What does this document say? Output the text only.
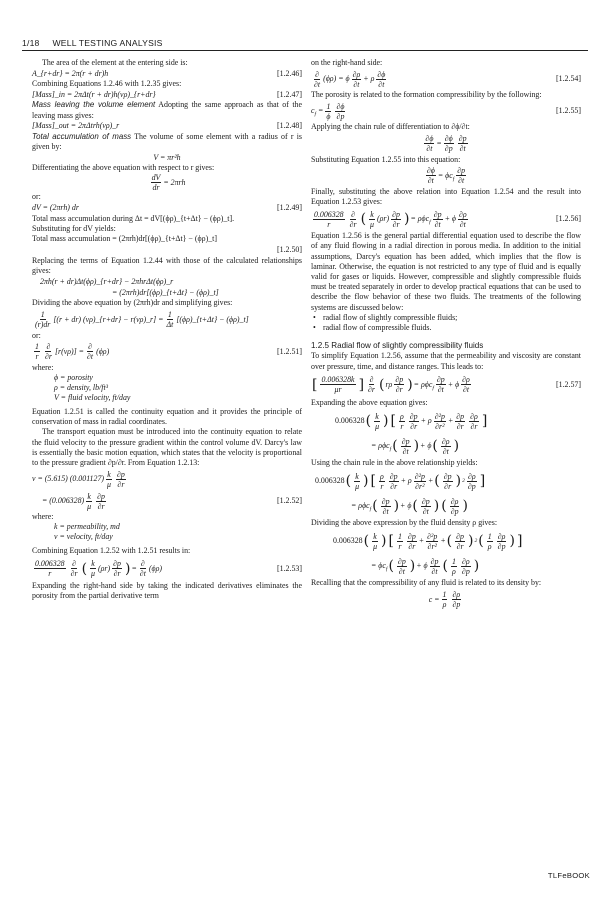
1/18 WELL TESTING ANALYSIS

The area of the element at the entering side is:

A_{r+dr} = 2π(r + dr)h	[1.2.46]

Combining Equations 1.2.46 with 1.2.35 gives:

[Mass]_in = 2πΔt(r + dr)h(νρ)_{r+dr}	[1.2.47]

Mass leaving the volume element Adopting the same approach as that of the leaving mass gives:

[Mass]_out = 2πΔtrh(νρ)_r	[1.2.48]

Total accumulation of mass The volume of some element with a radius of r is given by:

V = πr²h

Differentiating the above equation with respect to r gives:

$\frac{dV}{dr} = 2\pi rh$

or:

dV = (2πrh) dr	[1.2.49]

Total mass accumulation during Δt = dV[(ϕρ)_{t+Δt} − (ϕρ)_t].

Substituting for dV yields:

Total mass accumulation = (2πrh)dr[(ϕρ)_{t+Δt} − (ϕρ)_t]
[1.2.50]

Replacing the terms of Equation 1.2.44 with those of the calculated relationships gives:

2πh(r + dr)Δt(ϕρ)_{r+dr} − 2πhrΔt(ϕρ)_r
= (2πrh)dr[(ϕρ)_{t+Δt} − (ϕρ)_t]

Dividing the above equation by (2πrh)dr and simplifying gives:

$\frac{1}{(r)dr} [(r + dr)$ (νρ)_{r+dr} − r(νρ)_r] = $\frac{1}{\Delta t}$ [(ϕρ)_{t+Δt} − (ϕρ)_t]

or:

$\frac{1}{r} \frac{\partial}{\partial r} [r(\nu\rho)] = \frac{\partial}{\partial t} (\phi\rho)$	[1.2.51]

where:

ϕ = porosity
ρ = density, lb/ft³
V = fluid velocity, ft/day

Equation 1.2.51 is called the continuity equation and it provides the principle of conservation of mass in radial coordinates.

The transport equation must be introduced into the continuity equation to relate the fluid velocity to the pressure gradient within the control volume dV. Darcy's law is essentially the basic motion equation, which states that the velocity is proportional to the pressure gradient ∂p/∂r. From Equation 1.2.13:

v = (5.615) $(0.001127) \frac{k}{\mu} \frac{\partial p}{\partial r}$
= $(0.006328) \frac{k}{\mu} \frac{\partial p}{\partial r}$	[1.2.52]

where:

k = permeability, md
v = velocity, ft/day

Combining Equation 1.2.52 with 1.2.51 results in:

$\frac{0.006328}{r} \frac{\partial}{\partial r}$ ( $\frac{k}{\mu} (\rho r) \frac{\partial p}{\partial r}$ ) = $\frac{\partial}{\partial t} (\phi\rho)$	[1.2.53]

Expanding the right-hand side by taking the indicated derivatives eliminates the porosity from the partial derivative term

on the right-hand side:

$\frac{\partial}{\partial t} (\phi\rho) = \phi \frac{\partial\rho}{\partial t} + \rho \frac{\partial\phi}{\partial t}$	[1.2.54]

The porosity is related to the formation compressibility by the following:

$c_f = \frac{1}{\phi} \frac{\partial\phi}{\partial p}$	[1.2.55]

Applying the chain rule of differentiation to ∂ϕ/∂t:

$\frac{\partial\phi}{\partial t} = \frac{\partial\phi}{\partial p} \frac{\partial p}{\partial t}$

Substituting Equation 1.2.55 into this equation:

$\frac{\partial\phi}{\partial t} = \phi c_f \frac{\partial p}{\partial t}$

Finally, substituting the above relation into Equation 1.2.54 and the result into Equation 1.2.53 gives:

$\frac{0.006328}{r} \frac{\partial}{\partial r}$ ( $\frac{k}{\mu} (\rho r) \frac{\partial p}{\partial r}$ ) = $\rho\phi c_f \frac{\partial p}{\partial t} + \phi \frac{\partial\rho}{\partial t}$	[1.2.56]

Equation 1.2.56 is the general partial differential equation used to describe the flow of any fluid flowing in a radial direction in porous media. In addition to the initial assumptions, Darcy's equation has been added, which implies that the flow is laminar. Otherwise, the equation is not restricted to any type of fluid and is equally valid for gases or liquids. However, compressible and slightly compressible fluids must be treated separately in order to develop practical equations that can be used to describe the flow behavior of these two fluids. The treatments of the following systems are discussed below:

• radial flow of slightly compressible fluids;
• radial flow of compressible fluids.
1.2.5 Radial flow of slightly compressibility fluids

To simplify Equation 1.2.56, assume that the permeability and viscosity are constant over pressure, time, and distance ranges. This leads to:

[ $\frac{0.006328k}{\mu r}$ ] $\frac{\partial}{\partial r}$ ( rρ $\frac{\partial p}{\partial r}$ ) = $\rho\phi c_f \frac{\partial p}{\partial t} + \phi \frac{\partial\rho}{\partial t}$	[1.2.57]

Expanding the above equation gives:

0.006328 ( $\frac{k}{\mu}$ ) [ $\frac{\rho}{r} \frac{\partial p}{\partial r} + \rho \frac{\text{∂²p}}{\text{∂r²}} + \frac{\partial p}{\partial r} \frac{\partial\rho}{\partial r}$ ]
= ρϕc$_f$ ( $\frac{\partial p}{\partial t}$ ) + ϕ ( $\frac{\partial\rho}{\partial t}$ )

Using the chain rule in the above relationship yields:

0.006328 ( $\frac{k}{\mu}$ ) [ $\frac{\rho}{r} \frac{\partial p}{\partial r} + \rho \frac{\text{∂²p}}{\text{∂r²}}$ + ( $\frac{\partial p}{\partial r}$ ) $2 \frac{\partial\rho}{\partial p}$ ]
= ρϕc$_f$ ( $\frac{\partial p}{\partial t}$ ) + ϕ ( $\frac{\partial p}{\partial t}$ ) ( $\frac{\partial\rho}{\partial p}$ )

Dividing the above expression by the fluid density ρ gives:

0.006328 ( $\frac{k}{\mu}$ ) [ $\frac{1}{r} \frac{\partial p}{\partial r} + \frac{\text{∂²p}}{\text{∂r²}}$ + ( $\frac{\partial p}{\partial r}$ ) 2 ( $\frac{1}{\rho} \frac{\partial\rho}{\partial p}$ ) ]
= $\phi c_f$ ( $\frac{\partial p}{\partial t}$ ) + ϕ $\frac{\partial p}{\partial t}$ ( $\frac{1}{\rho} \frac{\partial\rho}{\partial p}$ )

Recalling that the compressibility of any fluid is related to its density by:

$c = \frac{1}{\rho} \frac{\partial\rho}{\partial p}$
TLFeBOOK
